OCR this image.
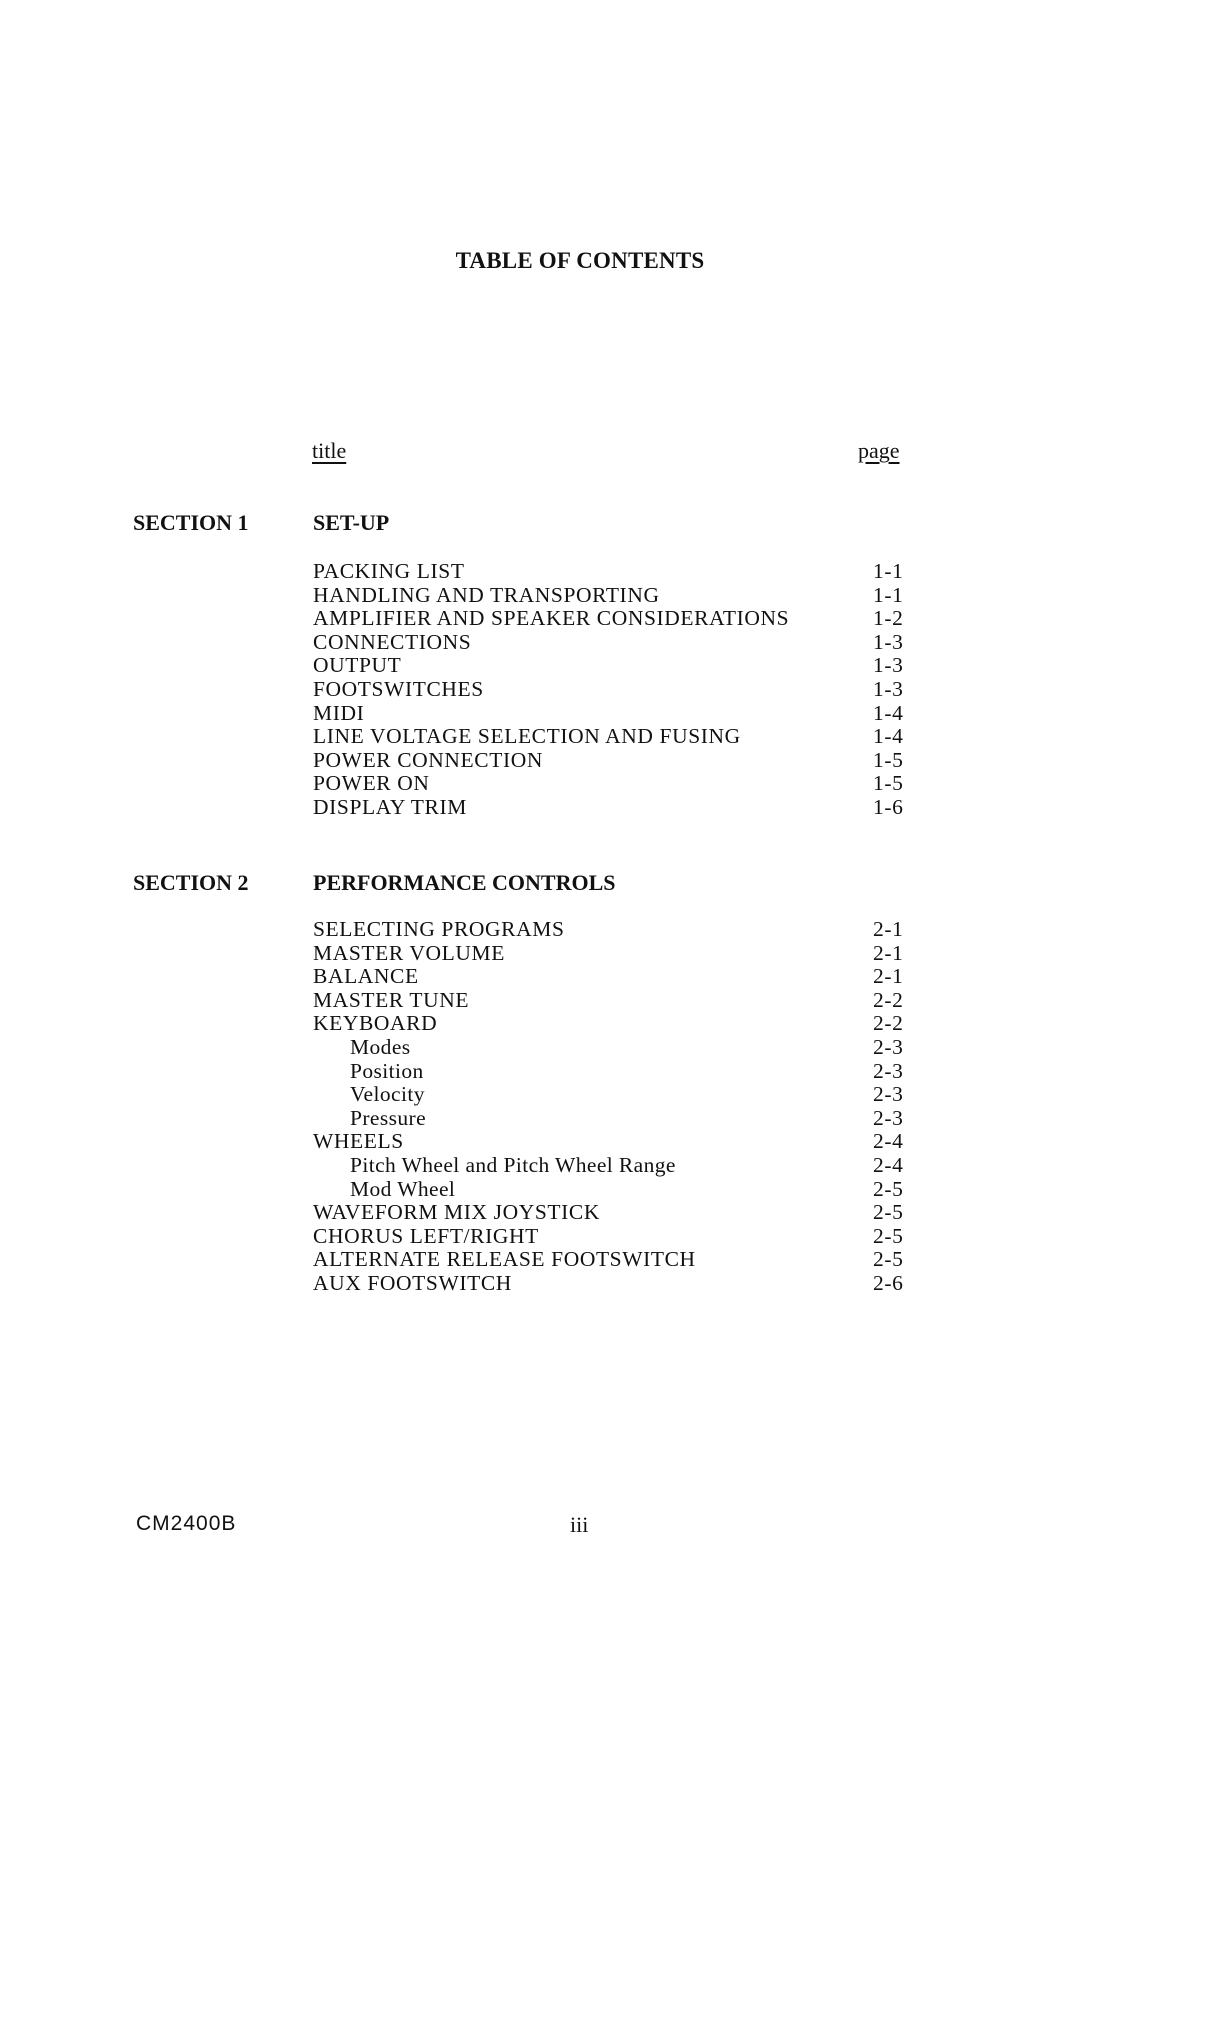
TABLE OF CONTENTS
title	page
SECTION 1	SET-UP
PACKING LIST	1-1
HANDLING AND TRANSPORTING	1-1
AMPLIFIER AND SPEAKER CONSIDERATIONS	1-2
CONNECTIONS	1-3
OUTPUT	1-3
FOOTSWITCHES	1-3
MIDI	1-4
LINE VOLTAGE SELECTION AND FUSING	1-4
POWER CONNECTION	1-5
POWER ON	1-5
DISPLAY TRIM	1-6
SECTION 2	PERFORMANCE CONTROLS
SELECTING PROGRAMS	2-1
MASTER VOLUME	2-1
BALANCE	2-1
MASTER TUNE	2-2
KEYBOARD	2-2
Modes	2-3
Position	2-3
Velocity	2-3
Pressure	2-3
WHEELS	2-4
Pitch Wheel and Pitch Wheel Range	2-4
Mod Wheel	2-5
WAVEFORM MIX JOYSTICK	2-5
CHORUS LEFT/RIGHT	2-5
ALTERNATE RELEASE FOOTSWITCH	2-5
AUX FOOTSWITCH	2-6
CM2400B	iii
